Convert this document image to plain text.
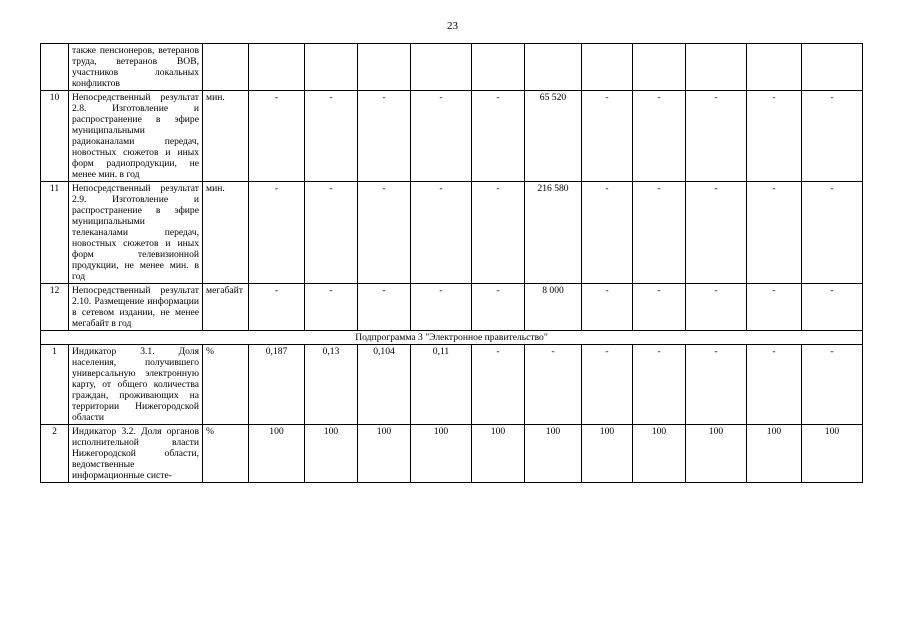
23
	также пенсионеров, ветеранов труда, ветеранов ВОВ, участников локальных конфликтов												
10	Непосредственный результат 2.8. Изготовление и распространение в эфире муниципальными радиоканалами передач, новостных сюжетов и иных форм радиопродукции, не менее мин. в год	мин.	-	-	-	-	-	65 520	-	-	-	-	-
11	Непосредственный результат 2.9. Изготовление и распространение в эфире муниципальными телеканалами передач, новостных сюжетов и иных форм телевизионной продукции, не менее мин. в год	мин.	-	-	-	-	-	216 580	-	-	-	-	-
12	Непосредственный результат 2.10. Размещение информации в сетевом издании, не менее мегабайт в год	мегабайт	-	-	-	-	-	8 000	-	-	-	-	-
Подпрограмма 3 "Электронное правительство"													
1	Индикатор 3.1. Доля населения, получившего универсальную электронную карту, от общего количества граждан, проживающих на территории Нижегородской области	%	0,187	0,13	0,104	0,11	-	-	-	-	-	-	-
2	Индикатор 3.2. Доля органов исполнительной власти Нижегородской области, ведомственные информационные систе-	%	100	100	100	100	100	100	100	100	100	100	100
